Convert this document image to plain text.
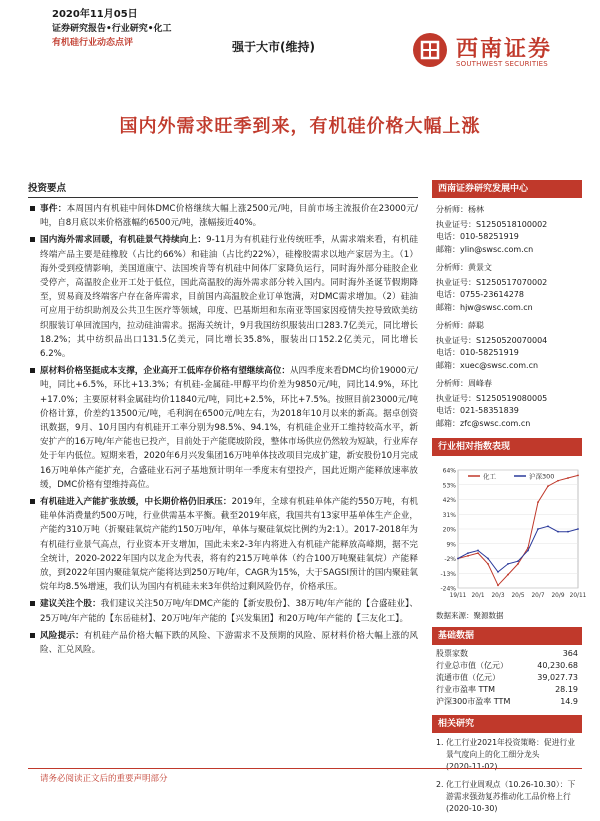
2020年11月05日
证券研究报告•行业研究•化工
有机硅行业动态点评	强于大市(维持)	西南证券
SOUTHWEST SECURITIES
国内外需求旺季到来，有机硅价格大幅上涨
投资要点
事件：本周国内有机硅中间体DMC价格继续大幅上涨2500元/吨，目前市场主流报价在23000元/吨，自8月底以来价格涨幅约6500元/吨，涨幅接近40%。
国内海外需求回暖，有机硅景气持续向上：9-11月为有机硅行业传统旺季，从需求端来看，有机硅终端产品主要是硅橡胶（占比约66%）和硅油（占比约22%），硅橡胶需求以地产家居为主。（1）海外受到疫情影响，美国道康宁、法国埃肯等有机硅中间体厂家降负运行，同时海外部分硅胶企业受停产，高温胶企业开工处于低位，国此高温胶的海外需求部分转入国内。同时海外圣诞节假期降至，贸易商及终端客户存在备库需求，目前国内高温胶企业订单饱满，对DMC需求增加。（2）硅油可应用于纺织助剂及公共卫生医疗等领域，印度、巴基斯坦和东南亚等国家因疫情失控导致欧美纺织服装订单回流国内，拉动硅油需求。据海关统计，9月我国纺织服装出口283.7亿美元，同比增长18.2%；其中纺织品出口131.5亿美元，同比增长35.8%，服装出口152.2亿美元，同比增长6.2%。
原材料价格坚挺成本支撑，企业高开工低库存价格有望继续高位：从四季度来看DMC均价19000元/吨，同比+6.5%，环比+13.3%；有机硅-金属硅-甲醇平均价差为9850元/吨，同比14.9%，环比+17.0%；主要原材料金属硅均价11840元/吨，同比+2.5%，环比+7.5%。按照目前23000元/吨价格计算，价差约13500元/吨，毛利润在6500元/吨左右，为2018年10月以来的新高。据卓创资讯数据，9月、10月国内有机硅开工率分别为98.5%、94.1%，有机硅企业开工维持较高水平，新安扩产的16万吨/年产能也已投产，目前处于产能爬坡阶段，整体市场供应仍然较为短缺，行业库存处于年内低位。短期来看，2020年6月兴发集团16万吨单体技改项目完成扩建，新安股份10月完成16万吨单体产能扩充，合盛硅业石河子基地预计明年一季度末有望投产，国此近期产能释放速率放缓，DMC价格有望维持高位。
有机硅进入产能扩张放缓，中长期价格仍旧承压：2019年，全球有机硅单体产能约550万吨，有机硅单体消费量约500万吨，行业供需基本平衡。截至2019年底，我国共有13家甲基单体生产企业，产能约310万吨（折聚硅氧烷产能约150万吨/年，单体与聚硅氧烷比例约为2:1）。2017-2018年为有机硅行业景气高点，行业资本开支增加，国此未来2-3年内将进入有机硅产能释放高峰期，据不完全统计，2020-2022年国内以龙企为代表，将有约215万吨单体（约合100万吨聚硅氧烷）产能释放，到2022年国内聚硅氧烷产能将达到250万吨/年，CAGR为15%，大于SAGSI预计的国内聚硅氧烷年均8.5%增速，我们认为国内有机硅未来3年供给过剩风险仍存，价格承压。
建议关注个股：我们建议关注50万吨/年DMC产能的【新安股份】、38万吨/年产能的【合盛硅业】、25万吨/年产能的【东岳硅材】、20万吨/年产能的【兴发集团】和20万吨/年产能的【三友化工】。
风险提示：有机硅产品价格大幅下跌的风险、下游需求不及预期的风险、原材料价格大幅上涨的风险、汇兑风险。
西南证券研究发展中心
分析师：杨林
执业证号：S1250518100002
电话：010-58251919
邮箱：ylin@swsc.com.cn
分析师：黄景文
执业证号：S1250517070002
电话：0755-23614278
邮箱：hjw@swsc.com.cn
分析师：薛聪
执业证号：S1250520070004
电话：010-58251919
邮箱：xuec@swsc.com.cn
分析师：周峰春
执业证号：S1250519080005
电话：021-58351839
邮箱：zfc@swsc.com.cn
行业相对指数表现
64%
53%
42%
31%
20%
9%
-2%
-13%
-24%
19/11 20/1 20/3 20/5 20/7 20/9 20/11
化工	沪深300
数据来源：聚源数据
基础数据
股票家数	364
行业总市值（亿元）	40,230.68
流通市值（亿元）	39,027.73
行业市盈率 TTM	28.19
沪深300市盈率 TTM	14.9
相关研究
1. 化工行业2021年投资策略：促进行业景气度向上的化工细分龙头
(2020-11-02)
2. 化工行业周观点（10.26-10.30）：下游需求强劲复苏推动化工品价格上行
(2020-10-30)
请务必阅读正文后的重要声明部分
